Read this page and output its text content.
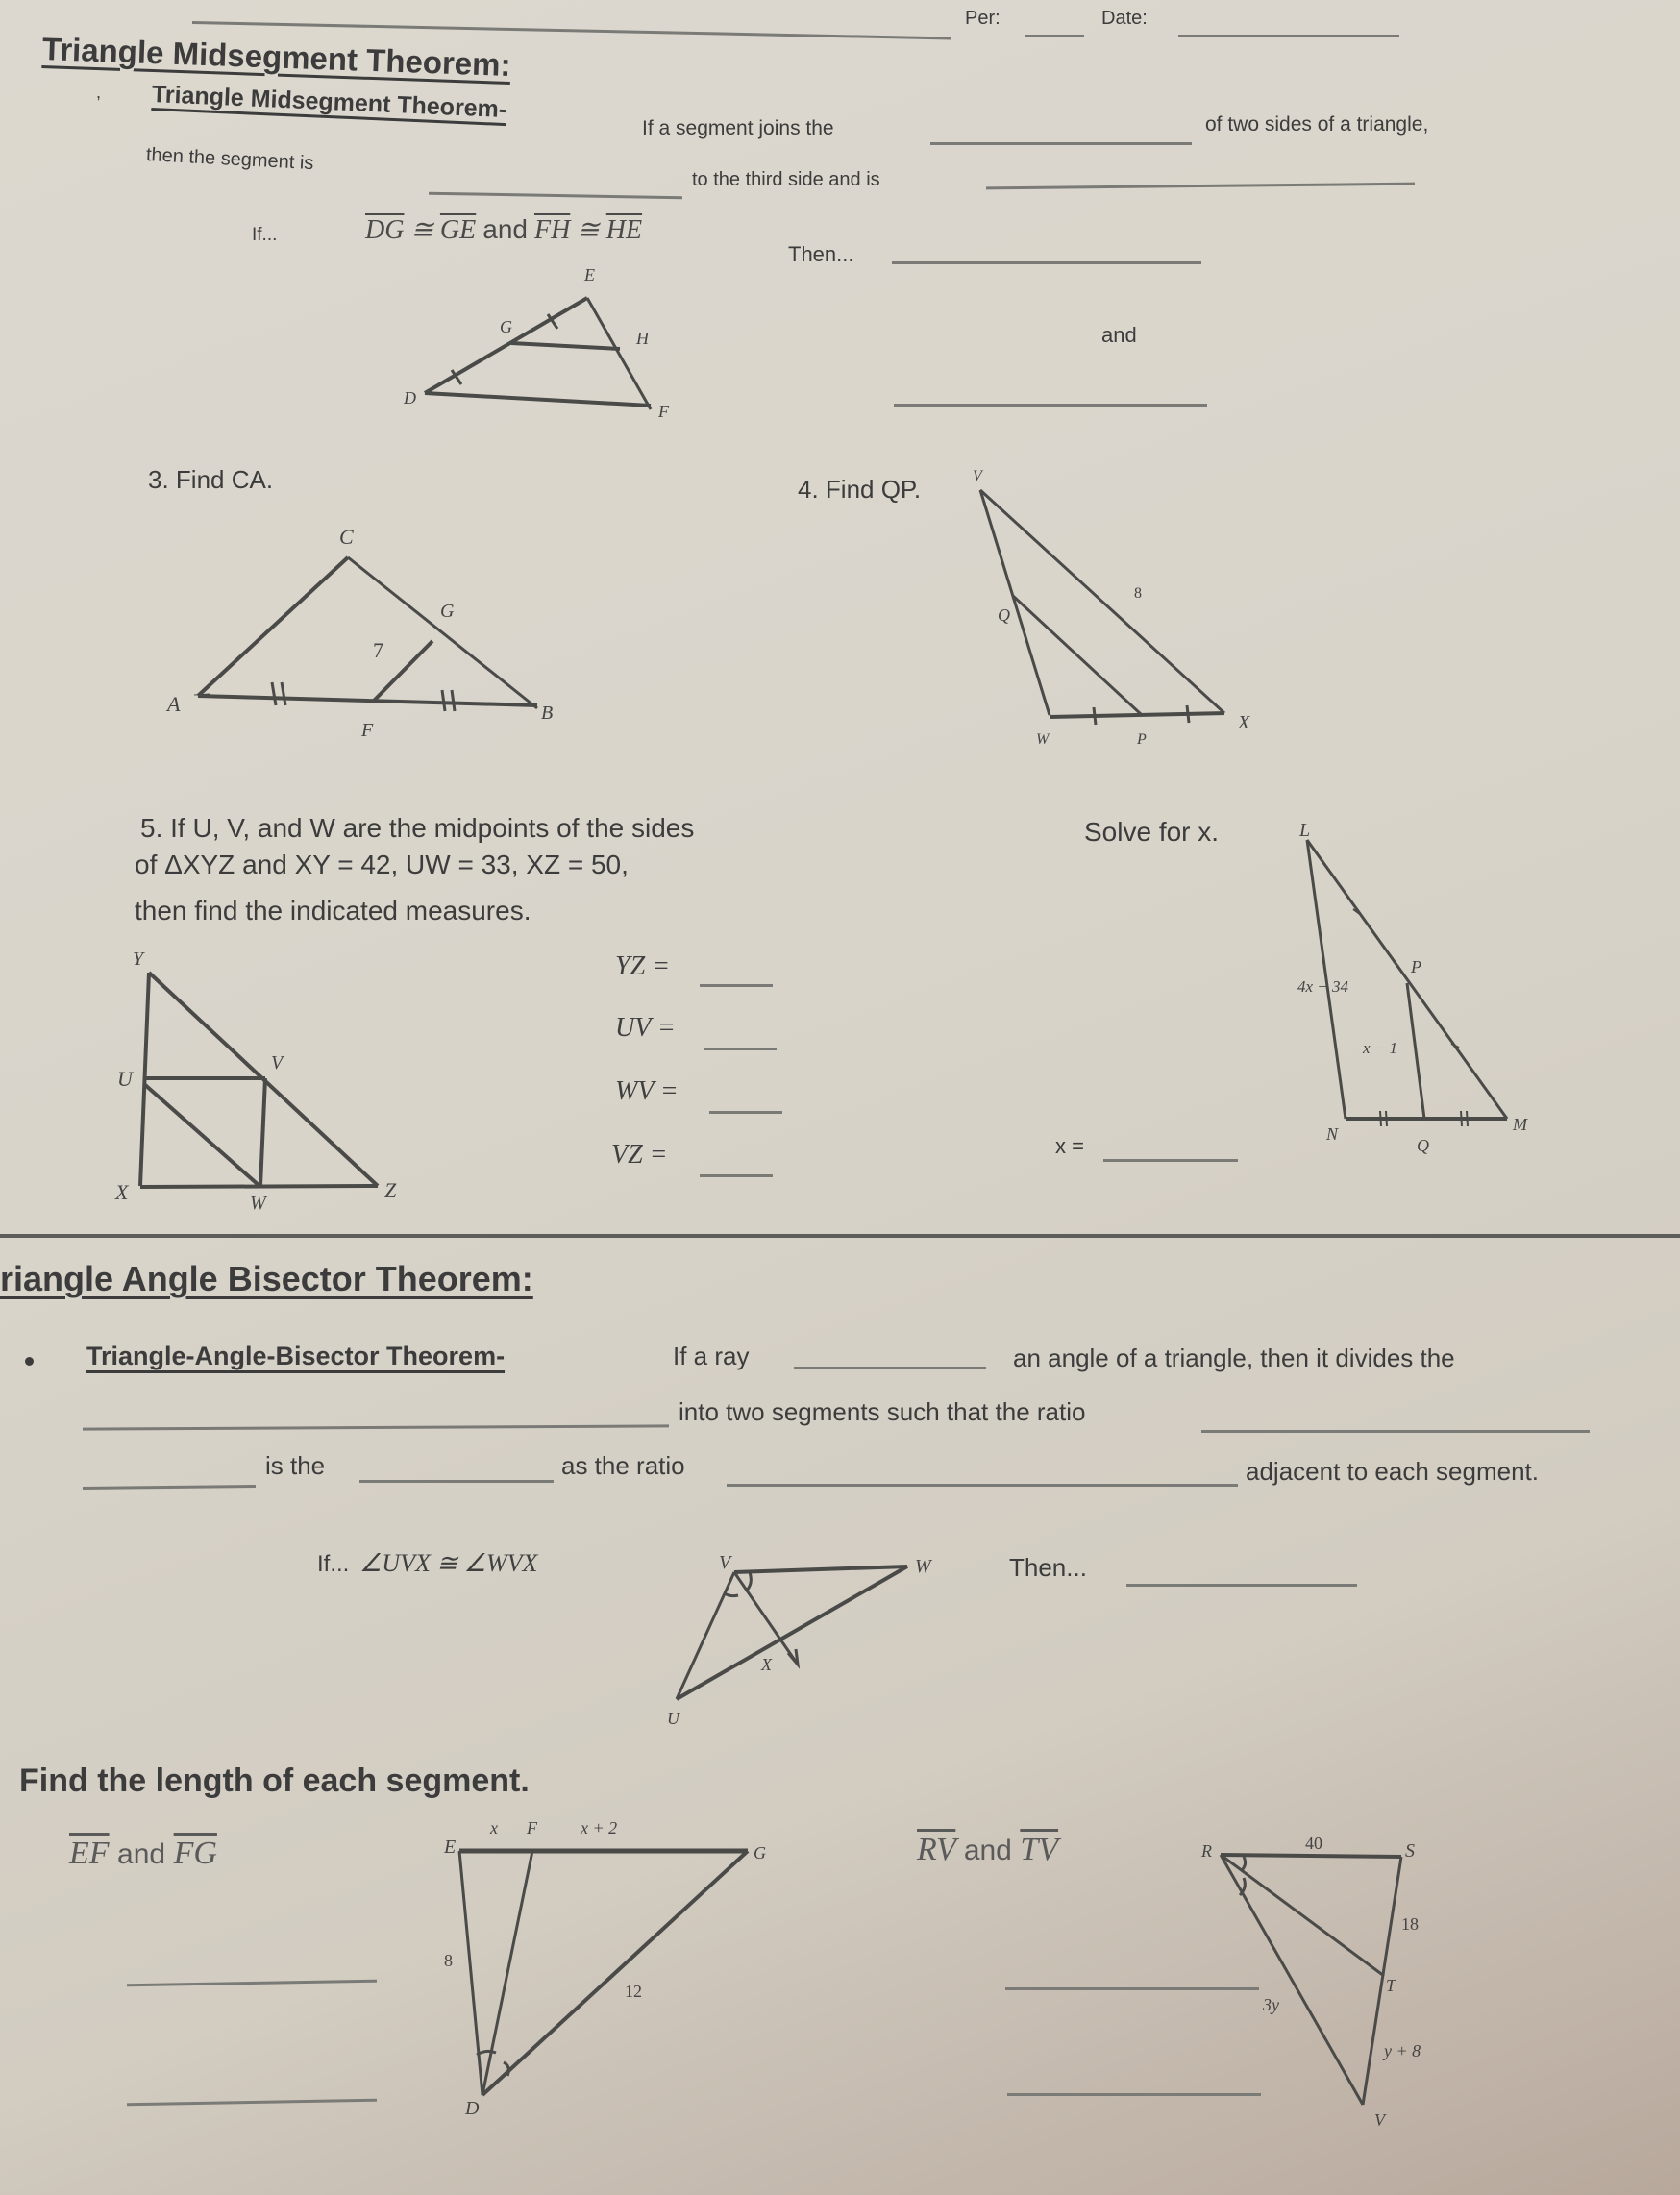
Per:	Date:
Triangle Midsegment Theorem:
, Triangle Midsegment Theorem-
If a segment joins the	of two sides of a triangle,
then the segment is
to the third side and is
If...	$\overline{DG}$ ≅ $\overline{GE}$ and $\overline{FH}$ ≅ $\overline{HE}$
Then...
and
E
G
H
D
F
3. Find CA.
C
G
A
F
B
7
4. Find QP.	V
Q
W	P
X
8
5. If U, V, and W are the midpoints of the sides
of ΔXYZ and XY = 42, UW = 33, XZ = 50,
then find the indicated measures.
Y
U
V
X	W
Z
YZ =
UV =
WV =
VZ =
Solve for x.	L
P
N
Q
M
4x − 34
x − 1
x =
riangle Angle Bisector Theorem:
Triangle-Angle-Bisector Theorem-	If a ray	an angle of a triangle, then it divides the
into two segments such that the ratio
is the	as the ratio	adjacent to each segment.
If... ∠UVX ≅ ∠WVX	V	W
X
U
Then...
Find the length of each segment.
$\overline{EF}$ and $\overline{FG}$	E
F
G
D
x	x + 2
8
12
$\overline{RV}$ and $\overline{TV}$	R	S
T
V
40
18
3y
y + 8
